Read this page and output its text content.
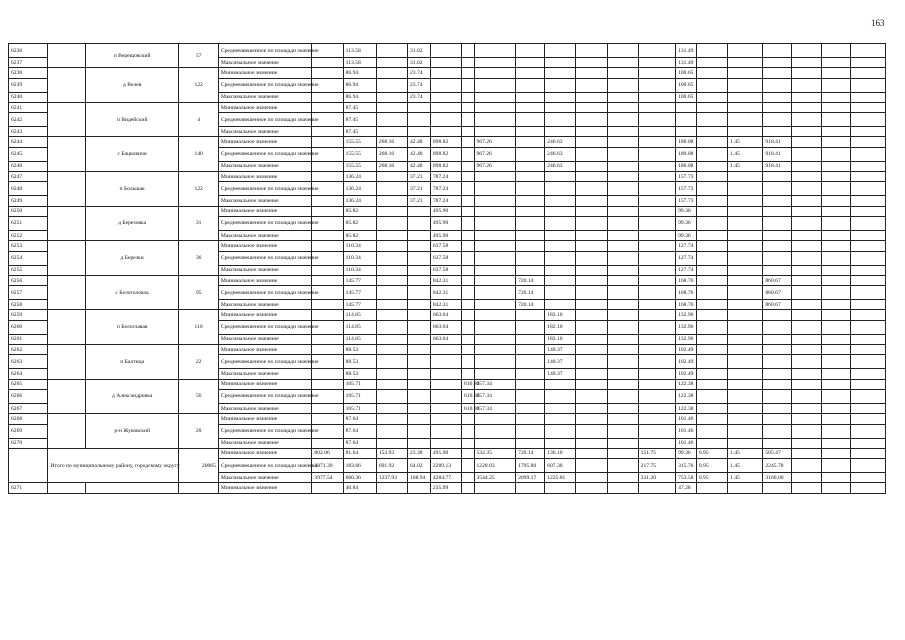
163
6236		п Верещовский	57	Средневзвешенное по площади значение		113.58		31.02									131.49						
6237				Максимальное значение		113.58		31.02									131.49						
6238		д Велея	122	Минимальное значение		86.94		23.74									100.65						
6239				Средневзвешенное по площади значение		86.94		23.74									100.65						
6240				Максимальное значение		86.94		23.74									100.65						
6241		п Видейский	4	Минимальное значение		87.45																	
6242				Средневзвешенное по площади значение		87.45																	
6243				Максимальное значение		87.45																	
6244		с Бацковичи	140	Минимальное значение		155.55	268.16	42.48	898.82		967.26		246.63				180.08		1.45	918.41			
6245				Средневзвешенное по площади значение		155.55	268.16	42.48	898.82		967.26		246.63				180.08		1.45	918.41			
6246				Максимальное значение		155.55	268.16	42.48	898.82		967.26		246.63				180.08		1.45	918.41			
6247		п Большак	122	Минимальное значение		136.24		37.21	787.24								157.73						
6248				Средневзвешенное по площади значение		136.24		37.21	787.24								157.73						
6249				Максимальное значение		136.24		37.21	787.24								157.73						
6250		д Березовка	31	Минимальное значение		85.82			495.90								99.36						
6251				Средневзвешенное по площади значение		85.82			495.90								99.36						
6252				Максимальное значение		85.82			495.90								99.36						
6253		д Березки	36	Минимальное значение		110.34			637.58								127.74						
6254				Средневзвешенное по площади значение		110.34			637.58								127.74						
6255				Максимальное значение		110.34			637.58								127.74						
6256		с Белоголовль	95	Минимальное значение		145.77			842.31			720.14					168.76			860.67			
6257				Средневзвешенное по площади значение		145.77			842.31			720.14					168.76			860.67			
6258				Максимальное значение		145.77			842.31			720.14					168.76			860.67			
6259		п Белоглавая	110	Минимальное значение		114.85			663.64				182.10				132.96						
6260				Средневзвешенное по площади значение		114.85			663.64				182.10				132.96						
6261				Максимальное значение		114.85			663.64				182.10				132.96						
6262		п Балтица	22	Минимальное значение		88.53							140.37				102.49						
6263				Средневзвешенное по площади значение		88.53							140.37				102.49						
6264				Максимальное значение		88.53							140.37				102.49						
6265		д Александровка	56	Минимальное значение		105.71				610.83	657.34						122.38						
6266				Средневзвешенное по площади значение		105.71				610.83	657.34						122.38						
6267				Максимальное значение		105.71				610.83	657.34						122.38						
6268		р-н Жуковский	20	Минимальное значение		87.64											101.46						
6269				Средневзвешенное по площади значение		87.64											101.46						
6270				Максимальное значение		87.64											101.46						
	Итого по муниципальному району, городскому округу		20065	Минимальное значение	802.06	81.64	153.93	23.38	495.90		532.35	720.14	136.10			151.75	99.36	0.95	1.45	505.47			
				Средневзвешенное по площади значение	3371.39	183.66	691.92	64.02	2289.13		1228.03	1795.80	607.30			217.75	315.76	0.95	1.45	2245.78			
				Максимальное значение	3977.54	660.36	1237.93	108.94	4284.77		3544.25	2099.17	1225.81			331.20	753.58	0.95	1.45	3160.00			
6271				Минимальное значение		40.84			235.99								47.28						
